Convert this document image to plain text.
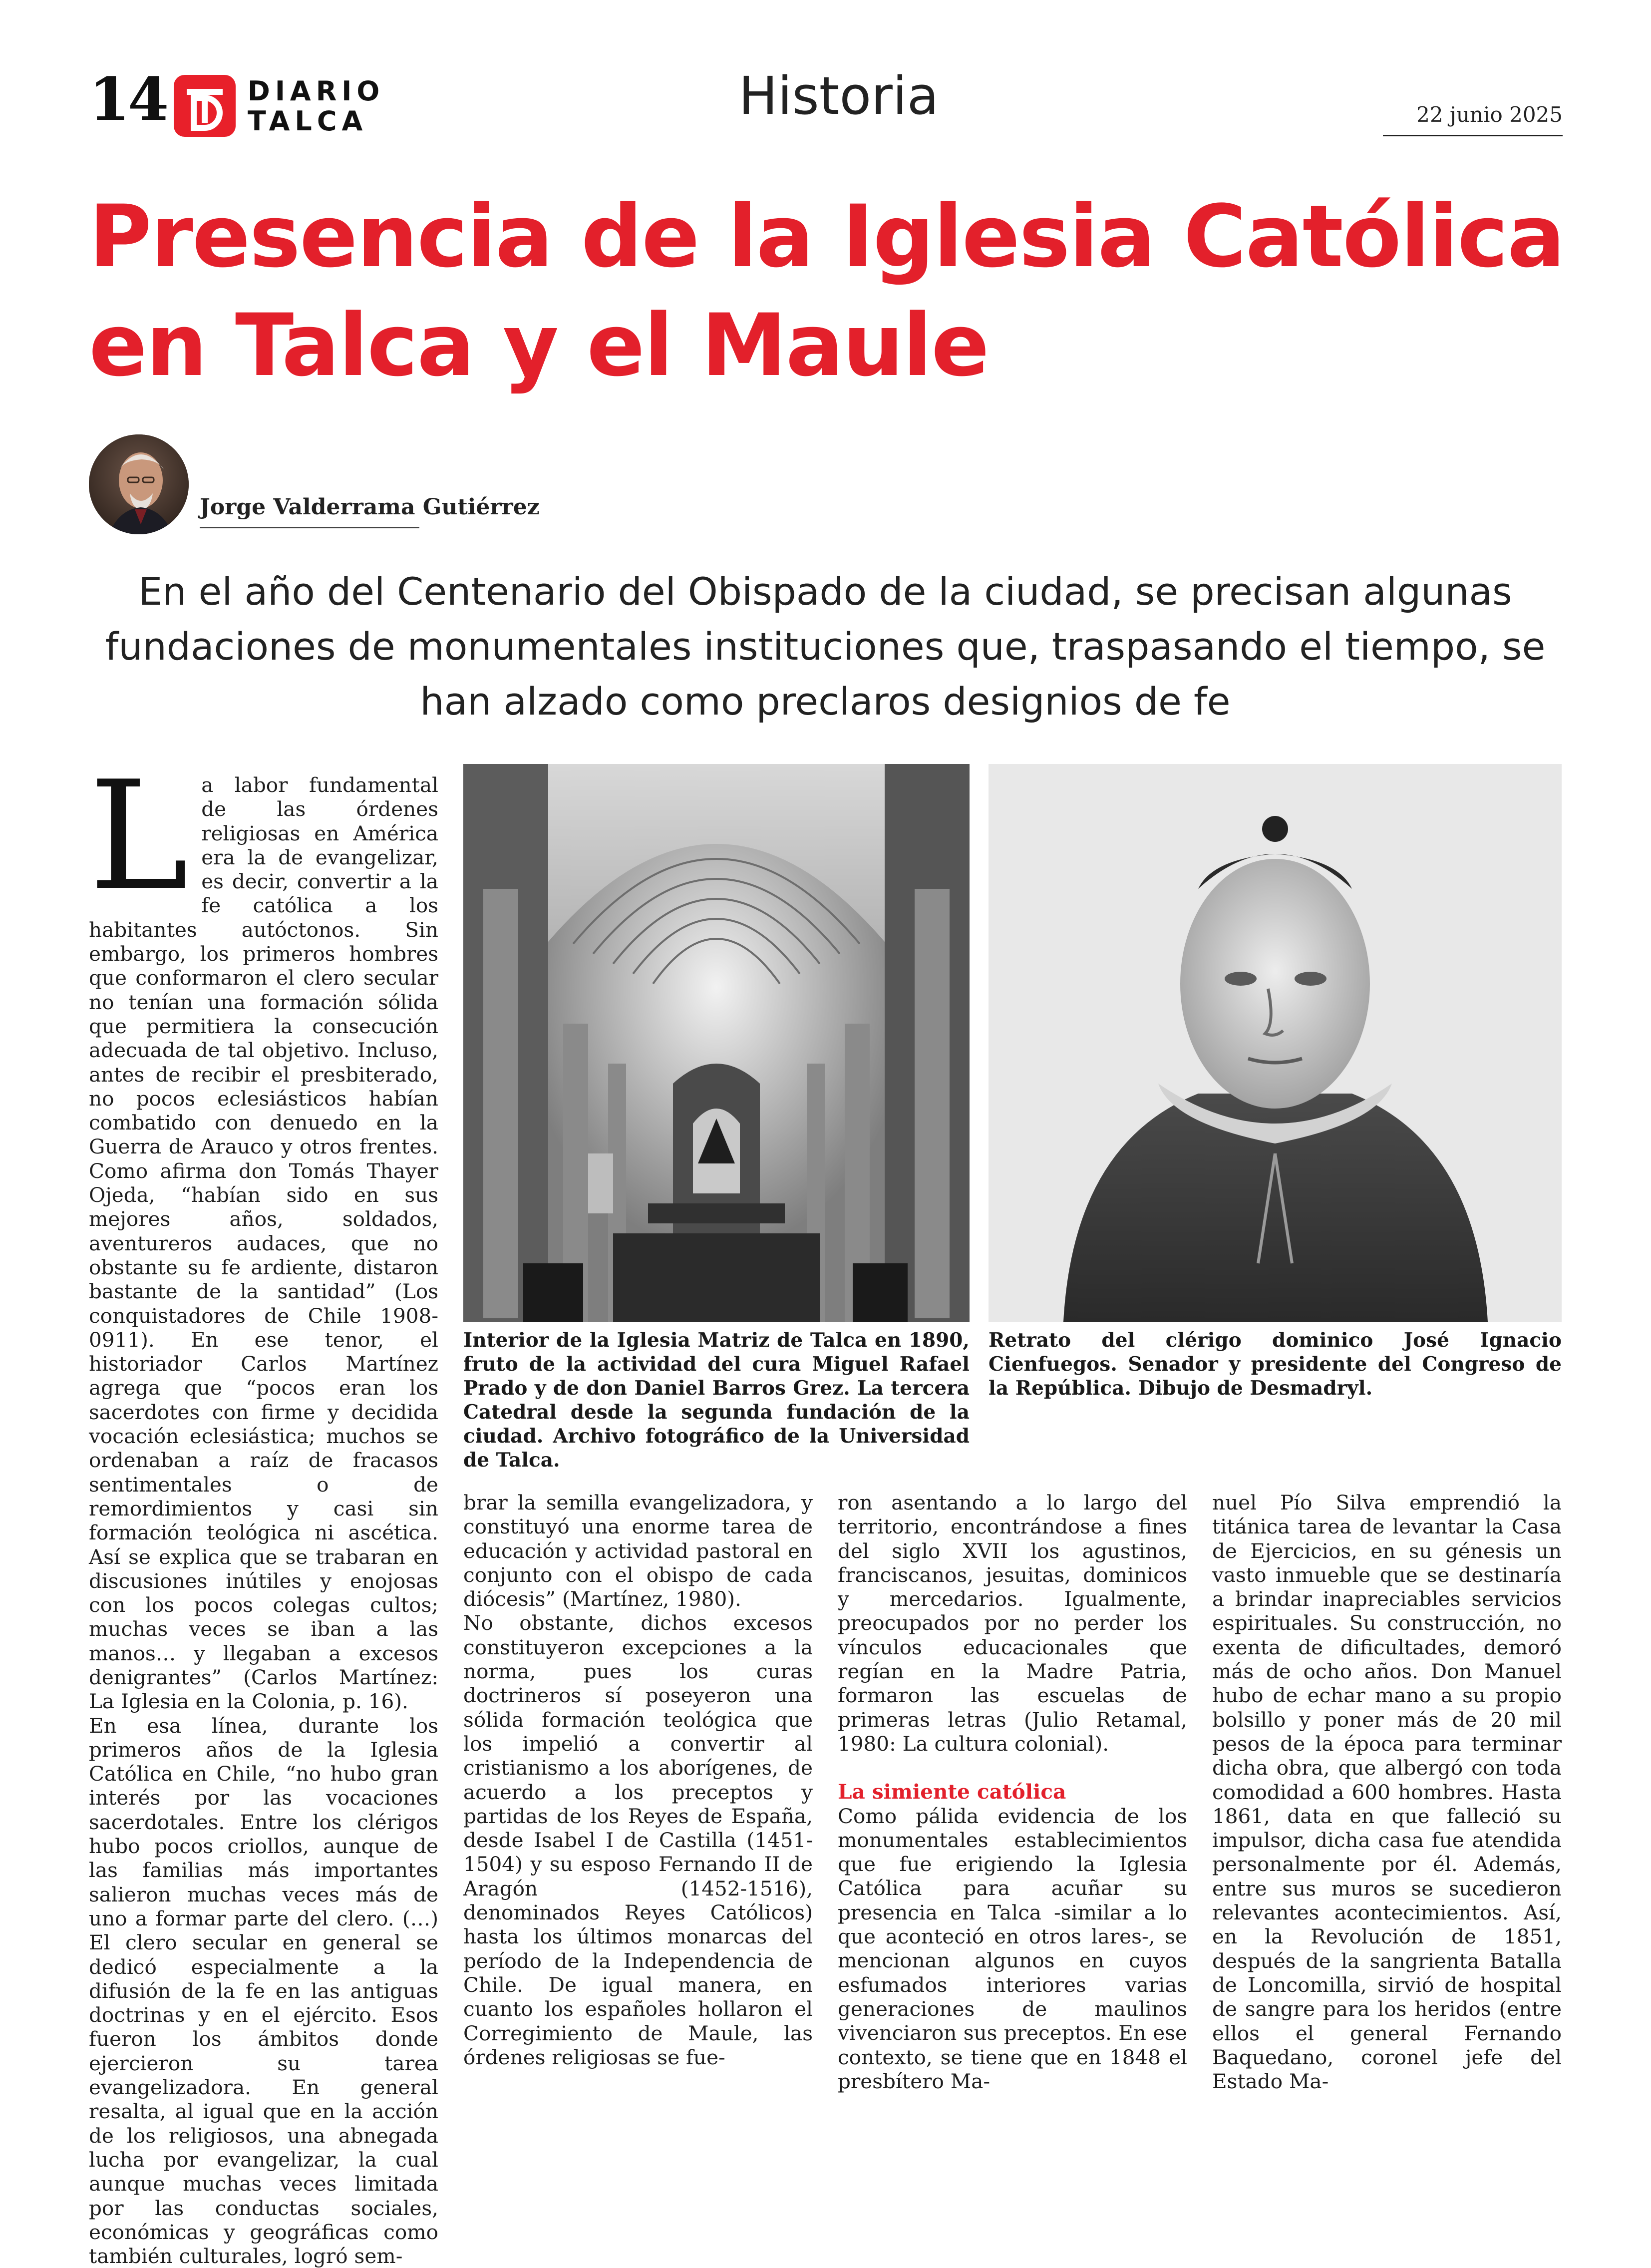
14	DIARIO
TALCA	Historia	22 junio 2025
Presencia de la Iglesia Católica en Talca y el Maule
Jorge Valderrama Gutiérrez

En el año del Centenario del Obispado de la ciudad, se precisan algunas fundaciones de monumentales instituciones que, traspasando el tiempo, se han alzado como preclaros designios de fe

La labor fundamental de las órdenes religiosas en América era la de evangelizar, es decir, convertir a la fe católica a los habitantes autóctonos. Sin embargo, los primeros hombres que conformaron el clero secular no tenían una formación sólida que permitiera la consecución adecuada de tal objetivo. Incluso, antes de recibir el presbiterado, no pocos eclesiásticos habían combatido con denuedo en la Guerra de Arauco y otros frentes. Como afirma don Tomás Thayer Ojeda, “habían sido en sus mejores años, soldados, aventureros audaces, que no obstante su fe ardiente, distaron bastante de la santidad” (Los conquistadores de Chile 1908-0911). En ese tenor, el historiador Carlos Martínez agrega que “pocos eran los sacerdotes con firme y decidida vocación eclesiástica; muchos se ordenaban a raíz de fracasos sentimentales o de remordimientos y casi sin formación teológica ni ascética. Así se explica que se trabaran en discusiones inútiles y enojosas con los pocos colegas cultos; muchas veces se iban a las manos… y llegaban a excesos denigrantes” (Carlos Martínez: La Iglesia en la Colonia, p. 16).

En esa línea, durante los primeros años de la Iglesia Católica en Chile, “no hubo gran interés por las vocaciones sacerdotales. Entre los clérigos hubo pocos criollos, aunque de las familias más importantes salieron muchas veces más de uno a formar parte del clero. (…) El clero secular en general se dedicó especialmente a la difusión de la fe en las antiguas doctrinas y en el ejército. Esos fueron los ámbitos donde ejercieron su tarea evangelizadora. En general resalta, al igual que en la acción de los religiosos, una abnegada lucha por evangelizar, la cual aunque muchas veces limitada por las conductas sociales, económicas y geográficas como también culturales, logró sem-

Interior de la Iglesia Matriz de Talca en 1890, fruto de la actividad del cura Miguel Rafael Prado y de don Daniel Barros Grez. La tercera Catedral desde la segunda fundación de la ciudad. Archivo fotográfico de la Universidad de Talca.

Retrato del clérigo dominico José Ignacio Cienfuegos. Senador y presidente del Congreso de la República. Dibujo de Desmadryl.

brar la semilla evangelizadora, y constituyó una enorme tarea de educación y actividad pastoral en conjunto con el obispo de cada diócesis” (Martínez, 1980).

No obstante, dichos excesos constituyeron excepciones a la norma, pues los curas doctrineros sí poseyeron una sólida formación teológica que los impelió a convertir al cristianismo a los aborígenes, de acuerdo a los preceptos y partidas de los Reyes de España, desde Isabel I de Castilla (1451-1504) y su esposo Fernando II de Aragón (1452-1516), denominados Reyes Católicos) hasta los últimos monarcas del período de la Independencia de Chile. De igual manera, en cuanto los españoles hollaron el Corregimiento de Maule, las órdenes religiosas se fue-

ron asentando a lo largo del territorio, encontrándose a fines del siglo XVII los agustinos, franciscanos, jesuitas, dominicos y mercedarios. Igualmente, preocupados por no perder los vínculos educacionales que regían en la Madre Patria, formaron las escuelas de primeras letras (Julio Retamal, 1980: La cultura colonial).

La simiente católica

Como pálida evidencia de los monumentales establecimientos que fue erigiendo la Iglesia Católica para acuñar su presencia en Talca -similar a lo que aconteció en otros lares-, se mencionan algunos en cuyos esfumados interiores varias generaciones de maulinos vivenciaron sus preceptos. En ese contexto, se tiene que en 1848 el presbítero Ma-

nuel Pío Silva emprendió la titánica tarea de levantar la Casa de Ejercicios, en su génesis un vasto inmueble que se destinaría a brindar inapreciables servicios espirituales. Su construcción, no exenta de dificultades, demoró más de ocho años. Don Manuel hubo de echar mano a su propio bolsillo y poner más de 20 mil pesos de la época para terminar dicha obra, que albergó con toda comodidad a 600 hombres. Hasta 1861, data en que falleció su impulsor, dicha casa fue atendida personalmente por él. Además, entre sus muros se sucedieron relevantes acontecimientos. Así, en la Revolución de 1851, después de la sangrienta Batalla de Loncomilla, sirvió de hospital de sangre para los heridos (entre ellos el general Fernando Baquedano, coronel jefe del Estado Ma-
